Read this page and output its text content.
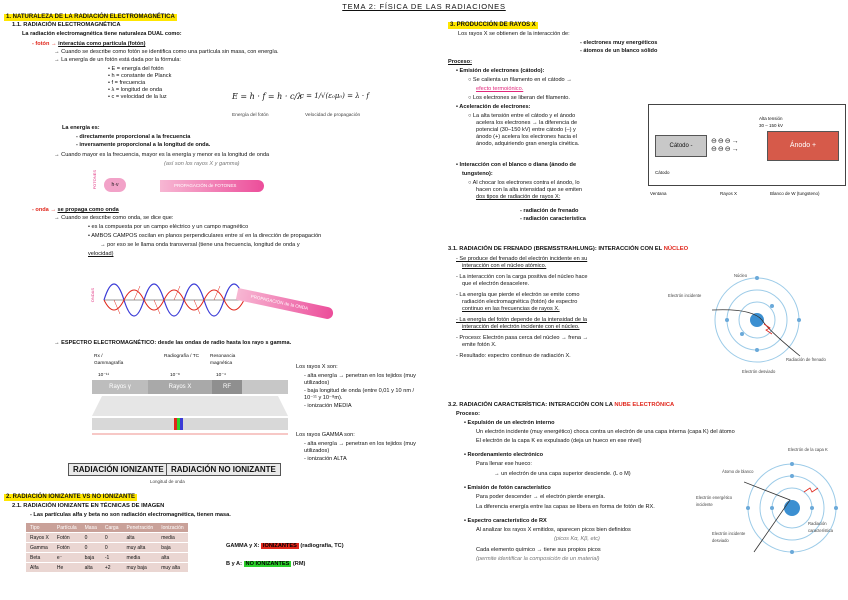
TEMA 2: FÍSICA DE LAS RADIACIONES
1. NATURALEZA DE LA RADIACIÓN ELECTROMAGNÉTICA
1.1. RADIACIÓN ELECTROMAGNÉTICA
La radiación electromagnética tiene naturaleza DUAL como:
- fotón → interactúa como partícula (fotón)
→ Cuando se describe como fotón se identifica como una partícula sin masa, con energía.
→ La energía de un fotón está dada por la fórmula:
• E = energía del fotón
• h = constante de Planck
• f = frecuencia
• λ = longitud de onda
• c = velocidad de la luz	E = h · f = h · c/λ
c = 1/√(ε₀μ₀) = λ · f
Energía del fotón	Velocidad de propagación
La energía es:
- directamente proporcional a la frecuencia
- inversamente proporcional a la longitud de onda.
→ Cuando mayor es la frecuencia, mayor es la energía y menor es la longitud de onda
(así son los rayos X y gamma)
FOTONES	h·ν	PROPAGACIÓN de FOTONES
- onda → se propaga como onda
→ Cuando se describe como onda, se dice que:
• es la compuesta por un campo eléctrico y un campo magnético
• AMBOS CAMPOS oscilan en planos perpendiculares entre sí en la dirección de propagación
→ por eso se le llama onda transversal (tiene una frecuencia, longitud de onda y
velocidad)
ONDAS	PROPAGACIÓN de la ONDA
→ ESPECTRO ELECTROMAGNÉTICO: desde las ondas de radio hasta los rayo s gamma.
Rx / Gammagrafía
Radiografía / TC Resonancia magnética
10⁻¹¹	10⁻⁸	10⁻⁴
Rayos γ	Rayos X	RF
Los rayos X son:
- alta energía → penetran en los tejidos (muy utilizados)
- baja longitud de onda (entre 0,01 y 10 nm / 10⁻¹¹ y 10⁻⁸m).
- ionización MEDIA
Los rayos GAMMA son:
- alta energía → penetran en los tejidos (muy utilizados)
- ionización ALTA
RADIACIÓN IONIZANTE RADIACIÓN NO IONIZANTE
Longitud de onda
2. RADIACIÓN IONIZANTE VS NO IONIZANTE
2.1. RADIACIÓN IONIZANTE EN TÉCNICAS DE IMAGEN
- Las partículas alfa y beta no son radiación electromagnética, tienen masa.
Tipo	Partícula	Masa	Carga	Penetración	Ionización
Rayos X	Fotón	0	0	alta	media
Gamma	Fotón	0	0	muy alta	baja
Beta	e⁻	baja	-1	media	alta
Alfa	He	alta	+2	muy baja	muy alta
GAMMA y X: IONIZANTES (radiografía, TC)
B y A: NO IONIZANTES (RM)
3. PRODUCCIÓN DE RAYOS X
Los rayos X se obtienen de la interacción de:
- electrones muy energéticos
- átomos de un blanco sólido
Proceso:
• Emisión de electrones (cátodo):
○ Se calienta un filamento en el cátodo →
efecto termoiónico.
○ Los electrones se liberan del filamento.
• Aceleración de electrones:
○ La alta tensión entre el cátodo y el ánodo
acelera los electrones → la diferencia de
potencial (30–150 kV) entre cátodo (–) y
ánodo (+) acelera los electrones hacia el
ánodo, adquiriendo gran energía cinética.
• Interacción con el blanco o diana (ánodo de
tungsteno):
○ Al chocar los electrones contra el ánodo, lo
hacen con la alta intensidad que se emiten
dos tipos de radiación de rayos X:
- radiación de frenado
- radiación característica
Alta tensión
30 – 150 kV
Cátodo
Cátodo -	Ánodo +
⊖⊖⊖→
⊖⊖⊖→
Ventana	Rayos X	Blanco de W (tungsteno)
3.1. RADIACIÓN DE FRENADO (BREMSSTRAHLUNG): INTERACCIÓN CON EL NÚCLEO
- Se produce del frenado del electrón incidente en su
interacción con el núcleo atómico.
- La interacción con la carga positiva del núcleo hace
que el electrón desacelere.
- La energía que pierde el electrón se emite como
radiación electromagnética (fotón) de espectro
continuo en las frecuencias de rayos X.
- La energía del fotón depende de la intensidad de la
interacción del electrón incidente con el núcleo.
- Proceso: Electrón pasa cerca del núcleo → frena →
emite fotón X.
- Resultado: espectro continuo de radiación X.
Electrón incidente
Núcleo
Electrón desviado
Radiación de frenado
3.2. RADIACIÓN CARACTERÍSTICA: INTERACCIÓN CON LA NUBE ELECTRÓNICA
Proceso:
• Expulsión de un electrón interno
Un electrón incidente (muy energético) choca contra un electrón de una capa interna (capa K) del átomo
El electrón de la capa K es expulsado (deja un hueco en ese nivel)
• Reordenamiento electrónico
Para llenar ese hueco:
→ un electrón de una capa superior desciende. (L o M)
• Emisión de fotón característico
Para poder descender → el electrón pierde energía.
La diferencia energía entre las capas se libera en forma de fotón de RX.
• Espectro característico de RX
Al analizar los rayos X emitidos, aparecen picos bien definidos
(picos Kα, Kβ, etc)
Cada elemento químico → tiene sus propios picos
(permite identificar la composición de un material)
Electrón de la capa K
Átomo de blanco
Electrón energético incidente
Radiación característica
Electrón incidente desviado
